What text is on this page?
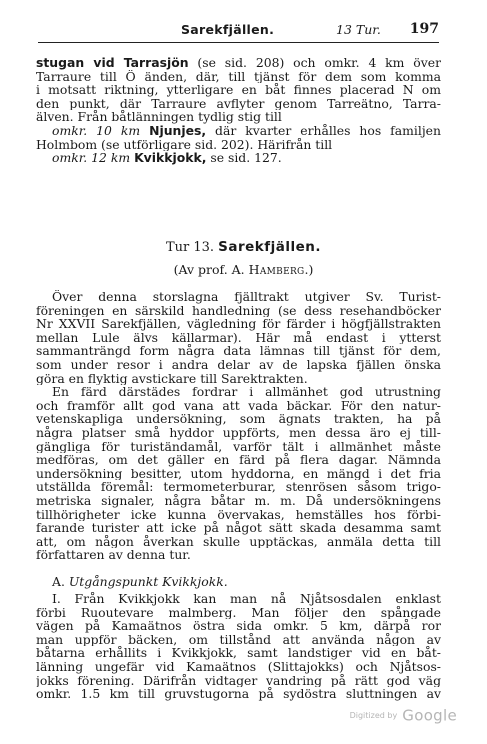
Sarekfjällen.	13 Tur. 197
stugan vid Tarrasjön (se sid. 208) och omkr. 4 km över
Tarraure till Ö änden, där, till tjänst för dem som komma
i motsatt riktning, ytterligare en båt finnes placerad N om
den punkt, där Tarraure avflyter genom Tarreätno, Tarra-
älven. Från båtlänningen tydlig stig till
omkr. 10 km Njunjes, där kvarter erhålles hos familjen
Holmbom (se utförligare sid. 202). Härifrån till
omkr. 12 km Kvikkjokk, se sid. 127.
Tur 13. Sarekfjällen.
(Av prof. A. Hamberg.)
Över denna storslagna fjälltrakt utgiver Sv. Turist-
föreningen en särskild handledning (se dess resehandböcker
Nr XXVII Sarekfjällen, vägledning för färder i högfjällstrakten
mellan Lule älvs källarmar). Här må endast i ytterst
sammanträngd form några data lämnas till tjänst för dem,
som under resor i andra delar av de lapska fjällen önska
göra en flyktig avstickare till Sarektrakten.
En färd därstädes fordrar i allmänhet god utrustning
och framför allt god vana att vada bäckar. För den natur-
vetenskapliga undersökning, som ägnats trakten, ha på
några platser små hyddor uppförts, men dessa äro ej till-
gängliga för turiständamål, varför tält i allmänhet måste
medföras, om det gäller en färd på flera dagar. Nämnda
undersökning besitter, utom hyddorna, en mängd i det fria
utställda föremål: termometerburar, stenrösen såsom trigo-
metriska signaler, några båtar m. m. Då undersökningens
tillhörigheter icke kunna övervakas, hemställes hos förbi-
farande turister att icke på något sätt skada desamma samt
att, om någon åverkan skulle upptäckas, anmäla detta till
författaren av denna tur.
A. Utgångspunkt Kvikkjokk.
I. Från Kvikkjokk kan man nå Njåtsosdalen enklast
förbi Ruoutevare malmberg. Man följer den spångade
vägen på Kamaätnos östra sida omkr. 5 km, därpå ror
man uppför bäcken, om tillstånd att använda någon av
båtarna erhållits i Kvikkjokk, samt landstiger vid en båt-
länning ungefär vid Kamaätnos (Slittajokks) och Njåtsos-
jokks förening. Därifrån vidtager vandring på rätt god väg
omkr. 1.5 km till gruvstugorna på sydöstra sluttningen av
Digitized by Google
